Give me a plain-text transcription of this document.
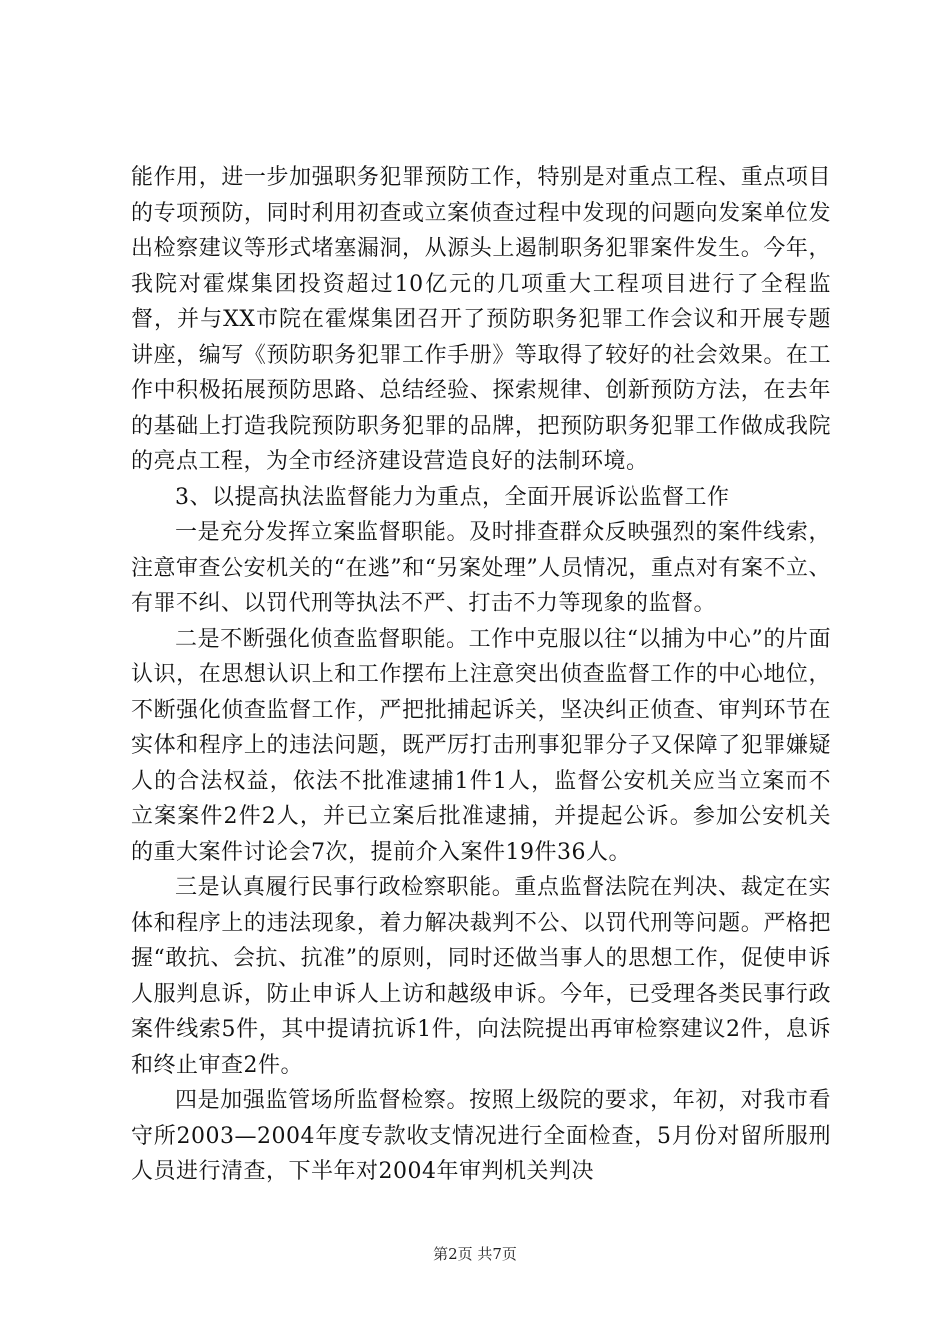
能作用，进一步加强职务犯罪预防工作，特别是对重点工程、重点项目的专项预防，同时利用初查或立案侦查过程中发现的问题向发案单位发出检察建议等形式堵塞漏洞，从源头上遏制职务犯罪案件发生。今年，我院对霍煤集团投资超过10亿元的几项重大工程项目进行了全程监督，并与XX市院在霍煤集团召开了预防职务犯罪工作会议和开展专题讲座，编写《预防职务犯罪工作手册》等取得了较好的社会效果。在工作中积极拓展预防思路、总结经验、探索规律、创新预防方法，在去年的基础上打造我院预防职务犯罪的品牌，把预防职务犯罪工作做成我院的亮点工程，为全市经济建设营造良好的法制环境。

3、以提高执法监督能力为重点，全面开展诉讼监督工作

一是充分发挥立案监督职能。及时排查群众反映强烈的案件线索，注意审查公安机关的“在逃”和“另案处理”人员情况，重点对有案不立、有罪不纠、以罚代刑等执法不严、打击不力等现象的监督。

二是不断强化侦查监督职能。工作中克服以往“以捕为中心”的片面认识，在思想认识上和工作摆布上注意突出侦查监督工作的中心地位，不断强化侦查监督工作，严把批捕起诉关，坚决纠正侦查、审判环节在实体和程序上的违法问题，既严厉打击刑事犯罪分子又保障了犯罪嫌疑人的合法权益，依法不批准逮捕1件1人，监督公安机关应当立案而不立案案件2件2人，并已立案后批准逮捕，并提起公诉。参加公安机关的重大案件讨论会7次，提前介入案件19件36人。

三是认真履行民事行政检察职能。重点监督法院在判决、裁定在实体和程序上的违法现象，着力解决裁判不公、以罚代刑等问题。严格把握“敢抗、会抗、抗准”的原则，同时还做当事人的思想工作，促使申诉人服判息诉，防止申诉人上访和越级申诉。今年，已受理各类民事行政案件线索5件，其中提请抗诉1件，向法院提出再审检察建议2件，息诉和终止审查2件。

四是加强监管场所监督检察。按照上级院的要求，年初，对我市看守所2003—2004年度专款收支情况进行全面检查，5月份对留所服刑人员进行清查，下半年对2004年审判机关判决

第2页 共7页
